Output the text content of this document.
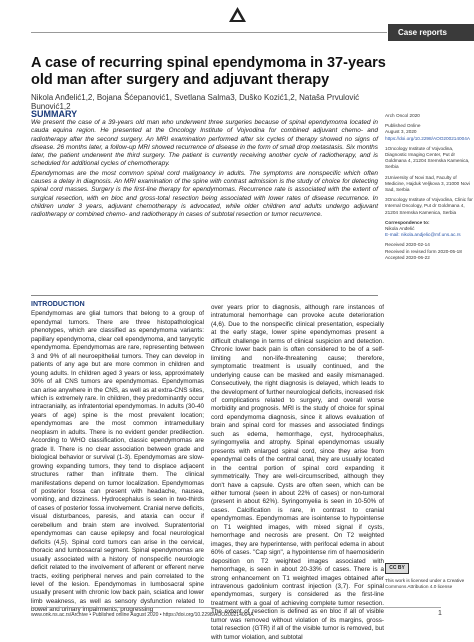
Case reports
A case of recurring spinal ependymoma in 37-years old man after surgery and adjuvant therapy
Nikola Anđelić1,2, Bojana Šćepanović1, Svetlana Salma3, Duško Kozić1,2, Nataša Prvulović Bunović1,2
SUMMARY

We present the case of a 39-years old man who underwent three surgeries because of spinal ependymoma located in cauda equina region. He presented at the Oncology Institute of Vojvodina for combined adjuvant chemo- and radiotherapy after the second surgery. An MRI examination performed after six cycles of therapy showed no signs of disease. 26 months later, a follow-up MRI showed recurrence of disease in the form of small drop metastasis. Six months later, the patient underwent the third surgery. The patient is currently receiving another cycle of radiotherapy, and is scheduled for additional cycles of chemotherapy.

Ependymomas are the most common spinal cord malignancy in adults. The symptoms are nonspecific which often causes a delay in diagnosis. An MRI examination of the spine with contrast admission is the study of choice for detecting spinal cord masses. Surgery is the first-line therapy for ependymomas. Recurrence rate is associated with the extent of surgical resection, with en bloc and gross-total resection being associated with lower rates of disease recurrence. In children under 3 years, adjuvant chemotherapy is advocated, while older children and adults undergo adjuvant radiotherapy or combined chemo- and radiotherapy in cases of subtotal resection or tumor recurrence.

Arch Oncol 2020
Published Online
August 3, 2020
https://doi.org/10.2298/AOO200214004A

1Oncology Institute of Vojvodina, Diagnostic Imaging Center, Put dr Goldmana 4, 21204 Sremska Kamenica, Serbia

2University of Novi Sad, Faculty of Medicine, Hajduk Veljkova 3, 21000 Novi Sad, Serbia

3Oncology Institute of Vojvodina, Clinic for Internal Oncology, Put dr Goldmana 4, 21204 Sremska Kamenica, Serbia

Correspondence to:
Nikola Anđelić
E-mail: nikola.andjelic@mf.uns.ac.rs
Received 2020-02-14
Received in revised form 2020-05-18
Accepted 2020-06-22
INTRODUCTION

Ependymomas are glial tumors that belong to a group of ependymal tumors. There are three histopathological phenotypes, which are classified as ependymoma variants: papillary ependymoma, clear cell ependymoma, and tanycytic ependymoma. Ependymomas are rare, representing between 3 and 9% of all neuroepithelial tumors. They can develop in patients of any age but are more common in children and young adults. In children aged 3 years or less, approximately 30% of all CNS tumors are ependymomas. Ependymomas can arise anywhere in the CNS, as well as at extra-CNS sites, which is extremely rare. In children, they predominantly occur intracranially, as infratentorial ependymomas. In adults (30-40 years of age) spine is the most prevalent location; ependymomas are the most common intramedullary neoplasm in adults. There is no evident gender predilection. According to WHO classification, classic ependymomas are grade II. There is no clear association between grade and biological behavior or survival (1-3). Ependymomas are slow-growing expanding tumors, they tend to displace adjacent structures rather than infiltrate them. The clinical manifestations depend on tumor localization. Ependymomas of posterior fossa can present with headache, nausea, vomiting, and dizziness. Hydrocephalus is seen in two-thirds of cases of posterior fossa involvement. Cranial nerve deficits, visual disturbances, paresis, and ataxia can occur if cerebellum and brain stem are involved. Supratentorial ependymomas can cause epilepsy and focal neurological deficits (4,5). Spinal cord tumors can arise in the cervical, thoracic and lumbosacral segment. Spinal ependymomas are usually associated with a history of nonspecific neurologic deficit related to the involvement of afferent or efferent nerve tracts, exiting peripheral nerves and pain correlated to the level of the lesion. Ependymomas in lumbosacral spine usually present with chronic low back pain, sciatica and lower limb weakness, as well as sensory dysfunction related to bowel and urinary impairments, progressing

over years prior to diagnosis, although rare instances of intratumoral hemorrhage can provoke acute deterioration (4,6). Due to the nonspecific clinical presentation, especially at the early stage, lower spine ependymomas present a difficult challenge in terms of clinical suspicion and detection. Chronic lower back pain is often considered to be of a self-limiting and non-life-threatening cause; therefore, symptomatic treatment is usually continued, and the underlying cause can be masked and easily mismanaged. Consecutively, the right diagnosis is delayed, which leads to the development of further neurological deficits, increased risk of complications related to surgery, and overall worse morbidity and prognosis. MRI is the study of choice for spinal cord ependymoma diagnosis, since it allows evaluation of brain and spinal cord for masses and associated findings such as edema, hemorrhage, cyst, hydrocephalus, syringomyelia and atrophy. Spinal ependymomas usually presents with enlarged spinal cord, since they arise from ependymal cells of the central canal, they are usually located in the central portion of spinal cord expanding it symmetrically. They are well-circumscribed, although they don't have a capsule. Cysts are often seen, which can be either tumoral (seen in about 22% of cases) or non-tumoral (present in about 62%). Syringomyelia is seen in 10-50% of cases. Calcification is rare, in contrast to cranial ependymomas. Ependymomas are isointense to hypointense on T1 weighted images, with mixed signal if cysts, hemorrhage and necrosis are present. On T2 weighted images, they are hyperintense, with perifocal edema in about 60% of cases. "Cap sign", a hypointense rim of haemosiderin deposition on T2 weighted images associated with hemorrhage, is seen in about 20-33% of cases. There is a strong enhancement on T1 weighted images obtained after intravenous gadolinium contrast injection (3,7). For spinal ependymomas, surgery is considered as the first-line treatment with a goal of achieving complete tumor resection. The extent of resection is defined as en bloc if all of visible tumor was removed without violation of its margins, gross-total resection (GTR) if all of the visible tumor is removed, but with tumor violation, and subtotal

CC BY
This work is licensed under a Creative Commons Attribution 4.0 license
www.onk.ns.ac.rs/Archive • Published online August 2020 • https://doi.org/10.2298/AOO200214004A	1
